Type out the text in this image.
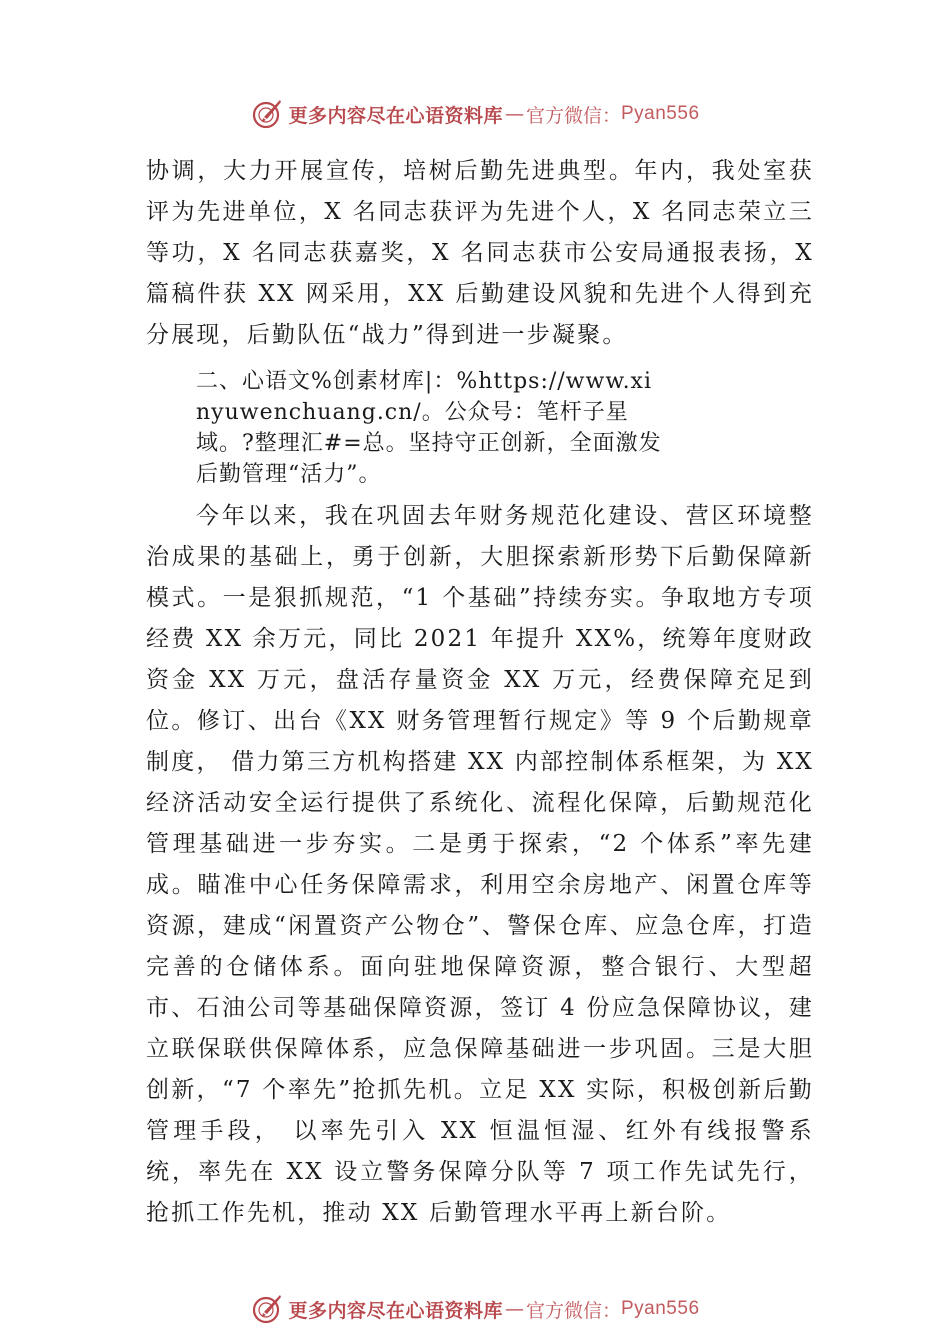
更多内容尽在心语资料库 — 官方微信： Pyan556

协调，大力开展宣传，培树后勤先进典型。年内，我处室获评为先进单位，X 名同志获评为先进个人，X 名同志荣立三等功，X 名同志获嘉奖，X 名同志获市公安局通报表扬，X 篇稿件获 XX 网采用，XX 后勤建设风貌和先进个人得到充分展现，后勤队伍“战力”得到进一步凝聚。

二、心语文%创素材库|：%https://www.xinyuwenchuang.cn/。公众号：笔杆子星域。?整理汇#=总。坚持守正创新，全面激发后勤管理“活力”。

今年以来，我在巩固去年财务规范化建设、营区环境整治成果的基础上，勇于创新，大胆探索新形势下后勤保障新模式。一是狠抓规范，“1 个基础”持续夯实。争取地方专项经费 XX 余万元，同比 2021 年提升 XX%，统筹年度财政资金 XX 万元，盘活存量资金 XX 万元，经费保障充足到位。修订、出台《XX 财务管理暂行规定》等 9 个后勤规章制度， 借力第三方机构搭建 XX 内部控制体系框架，为 XX 经济活动安全运行提供了系统化、流程化保障，后勤规范化管理基础进一步夯实。二是勇于探索，“2 个体系”率先建成。瞄准中心任务保障需求，利用空余房地产、闲置仓库等资源，建成“闲置资产公物仓”、警保仓库、应急仓库，打造完善的仓储体系。面向驻地保障资源，整合银行、大型超市、石油公司等基础保障资源，签订 4 份应急保障协议，建立联保联供保障体系，应急保障基础进一步巩固。三是大胆创新，“7 个率先”抢抓先机。立足 XX 实际，积极创新后勤管理手段， 以率先引入 XX 恒温恒湿、红外有线报警系统，率先在 XX 设立警务保障分队等 7 项工作先试先行，抢抓工作先机，推动 XX 后勤管理水平再上新台阶。

更多内容尽在心语资料库 — 官方微信： Pyan556
